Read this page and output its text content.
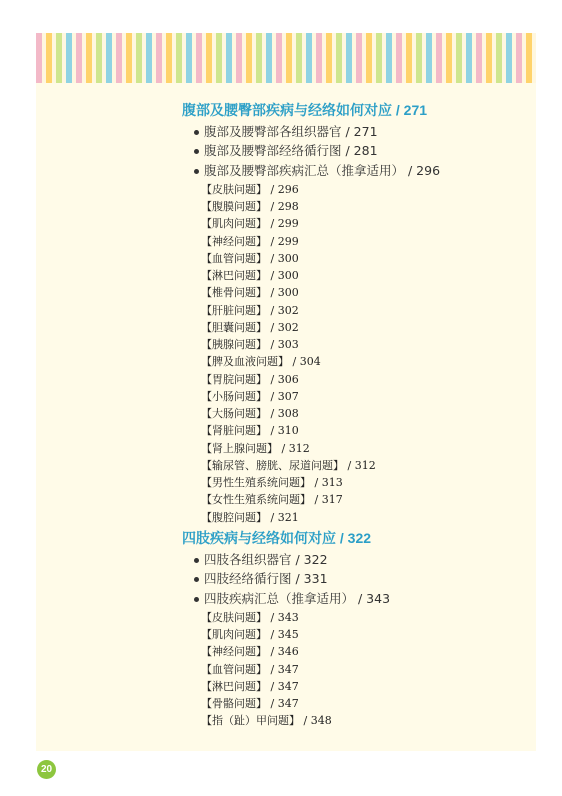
腹部及腰臀部疾病与经络如何对应 / 271
腹部及腰臀部各组织器官 / 271
腹部及腰臀部经络循行图 / 281
腹部及腰臀部疾病汇总（推拿适用） / 296
【皮肤问题】 / 296
【腹膜问题】 / 298
【肌肉问题】 / 299
【神经问题】 / 299
【血管问题】 / 300
【淋巴问题】 / 300
【椎骨问题】 / 300
【肝脏问题】 / 302
【胆囊问题】 / 302
【胰腺问题】 / 303
【脾及血液问题】 / 304
【胃脘问题】 / 306
【小肠问题】 / 307
【大肠问题】 / 308
【肾脏问题】 / 310
【肾上腺问题】 / 312
【输尿管、膀胱、尿道问题】 / 312
【男性生殖系统问题】 / 313
【女性生殖系统问题】 / 317
【腹腔问题】 / 321
四肢疾病与经络如何对应 / 322
四肢各组织器官 / 322
四肢经络循行图 / 331
四肢疾病汇总（推拿适用） / 343
【皮肤问题】 / 343
【肌肉问题】 / 345
【神经问题】 / 346
【血管问题】 / 347
【淋巴问题】 / 347
【骨骼问题】 / 347
【指（趾）甲问题】 / 348
20
